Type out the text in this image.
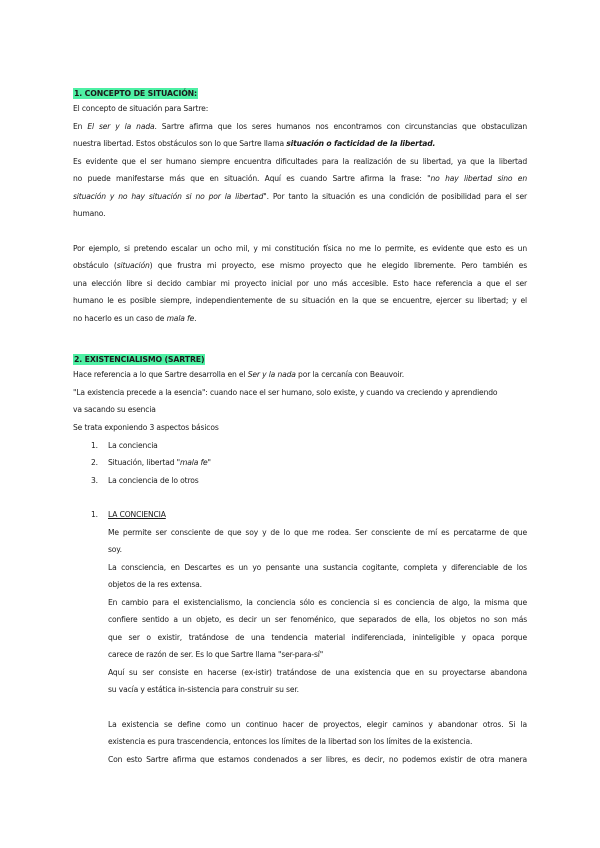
1. CONCEPTO DE SITUACIÓN:
El concepto de situación para Sartre:
En El ser y la nada. Sartre afirma que los seres humanos nos encontramos con circunstancias que obstaculizan
nuestra libertad. Estos obstáculos son lo que Sartre llama situación o facticidad de la libertad.
Es evidente que el ser humano siempre encuentra dificultades para la realización de su libertad, ya que la libertad
no puede manifestarse más que en situación. Aquí es cuando Sartre afirma la frase: "no hay libertad sino en
situación y no hay situación si no por la libertad". Por tanto la situación es una condición de posibilidad para el ser
humano.
Por ejemplo, si pretendo escalar un ocho mil, y mi constitución física no me lo permite, es evidente que esto es un
obstáculo (situación) que frustra mi proyecto, ese mismo proyecto que he elegido libremente. Pero también es
una elección libre si decido cambiar mi proyecto inicial por uno más accesible. Esto hace referencia a que el ser
humano le es posible siempre, independientemente de su situación en la que se encuentre, ejercer su libertad; y el
no hacerlo es un caso de mala fe.
2. EXISTENCIALISMO (SARTRE)
Hace referencia a lo que Sartre desarrolla en el Ser y la nada por la cercanía con Beauvoir.
"La existencia precede a la esencia": cuando nace el ser humano, solo existe, y cuando va creciendo y aprendiendo
va sacando su esencia
Se trata exponiendo 3 aspectos básicos
1. La conciencia
2. Situación, libertad "mala fe"
3. La conciencia de lo otros
1. LA CONCIENCIA
Me permite ser consciente de que soy y de lo que me rodea. Ser consciente de mí es percatarme de que
soy.
La consciencia, en Descartes es un yo pensante una sustancia cogitante, completa y diferenciable de los
objetos de la res extensa.
En cambio para el existencialismo, la conciencia sólo es conciencia si es conciencia de algo, la misma que
confiere sentido a un objeto, es decir un ser fenoménico, que separados de ella, los objetos no son más
que ser o existir, tratándose de una tendencia material indiferenciada, ininteligible y opaca porque
carece de razón de ser. Es lo que Sartre llama "ser-para-sí"
Aquí su ser consiste en hacerse (ex-istir) tratándose de una existencia que en su proyectarse abandona
su vacía y estática in-sistencia para construir su ser.
La existencia se define como un continuo hacer de proyectos, elegir caminos y abandonar otros. Si la
existencia es pura trascendencia, entonces los límites de la libertad son los límites de la existencia.
Con esto Sartre afirma que estamos condenados a ser libres, es decir, no podemos existir de otra manera
